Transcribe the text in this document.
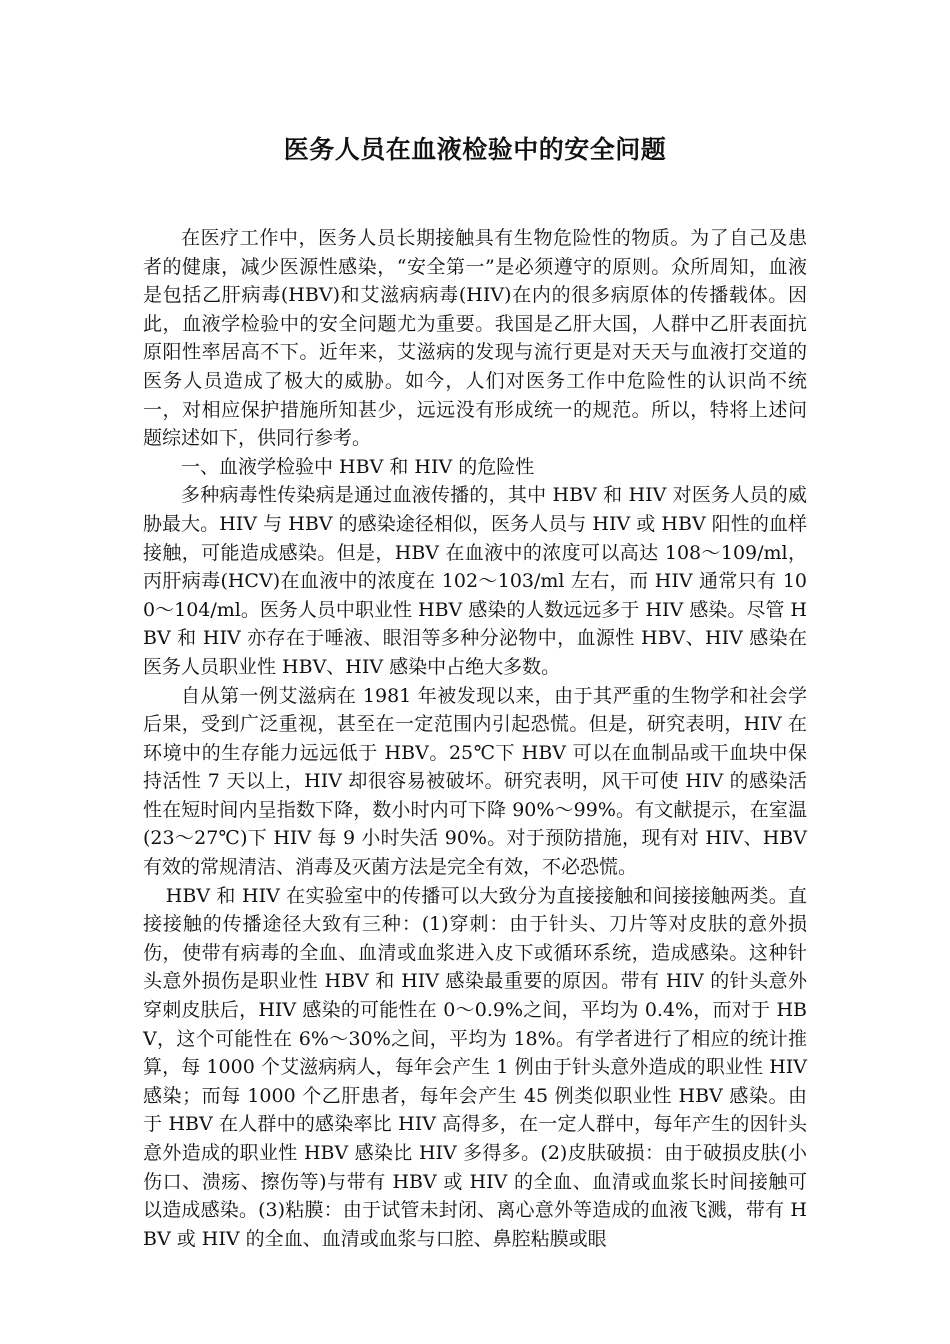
医务人员在血液检验中的安全问题

在医疗工作中，医务人员长期接触具有生物危险性的物质。为了自己及患者的健康，减少医源性感染，“安全第一”是必须遵守的原则。众所周知，血液是包括乙肝病毒(HBV)和艾滋病病毒(HIV)在内的很多病原体的传播载体。因此，血液学检验中的安全问题尤为重要。我国是乙肝大国，人群中乙肝表面抗原阳性率居高不下。近年来，艾滋病的发现与流行更是对天天与血液打交道的医务人员造成了极大的威胁。如今，人们对医务工作中危险性的认识尚不统一，对相应保护措施所知甚少，远远没有形成统一的规范。所以，特将上述问题综述如下，供同行参考。

一、血液学检验中 HBV 和 HIV 的危险性

多种病毒性传染病是通过血液传播的，其中 HBV 和 HIV 对医务人员的威胁最大。HIV 与 HBV 的感染途径相似，医务人员与 HIV 或 HBV 阳性的血样接触，可能造成感染。但是，HBV 在血液中的浓度可以高达 108～109/ml，丙肝病毒(HCV)在血液中的浓度在 102～103/ml 左右，而 HIV 通常只有 100～104/ml。医务人员中职业性 HBV 感染的人数远远多于 HIV 感染。尽管 HBV 和 HIV 亦存在于唾液、眼泪等多种分泌物中，血源性 HBV、HIV 感染在医务人员职业性 HBV、HIV 感染中占绝大多数。

自从第一例艾滋病在 1981 年被发现以来，由于其严重的生物学和社会学后果，受到广泛重视，甚至在一定范围内引起恐慌。但是，研究表明，HIV 在环境中的生存能力远远低于 HBV。25℃下 HBV 可以在血制品或干血块中保持活性 7 天以上，HIV 却很容易被破坏。研究表明，风干可使 HIV 的感染活性在短时间内呈指数下降，数小时内可下降 90%～99%。有文献提示，在室温(23～27℃)下 HIV 每 9 小时失活 90%。对于预防措施，现有对 HIV、HBV 有效的常规清洁、消毒及灭菌方法是完全有效，不必恐慌。

HBV 和 HIV 在实验室中的传播可以大致分为直接接触和间接接触两类。直接接触的传播途径大致有三种：(1)穿刺：由于针头、刀片等对皮肤的意外损伤，使带有病毒的全血、血清或血浆进入皮下或循环系统，造成感染。这种针头意外损伤是职业性 HBV 和 HIV 感染最重要的原因。带有 HIV 的针头意外穿刺皮肤后，HIV 感染的可能性在 0～0.9%之间，平均为 0.4%，而对于 HBV，这个可能性在 6%～30%之间，平均为 18%。有学者进行了相应的统计推算，每 1000 个艾滋病病人，每年会产生 1 例由于针头意外造成的职业性 HIV 感染；而每 1000 个乙肝患者，每年会产生 45 例类似职业性 HBV 感染。由于 HBV 在人群中的感染率比 HIV 高得多，在一定人群中，每年产生的因针头意外造成的职业性 HBV 感染比 HIV 多得多。(2)皮肤破损：由于破损皮肤(小伤口、溃疡、擦伤等)与带有 HBV 或 HIV 的全血、血清或血浆长时间接触可以造成感染。(3)粘膜：由于试管未封闭、离心意外等造成的血液飞溅，带有 HBV 或 HIV 的全血、血清或血浆与口腔、鼻腔粘膜或眼
